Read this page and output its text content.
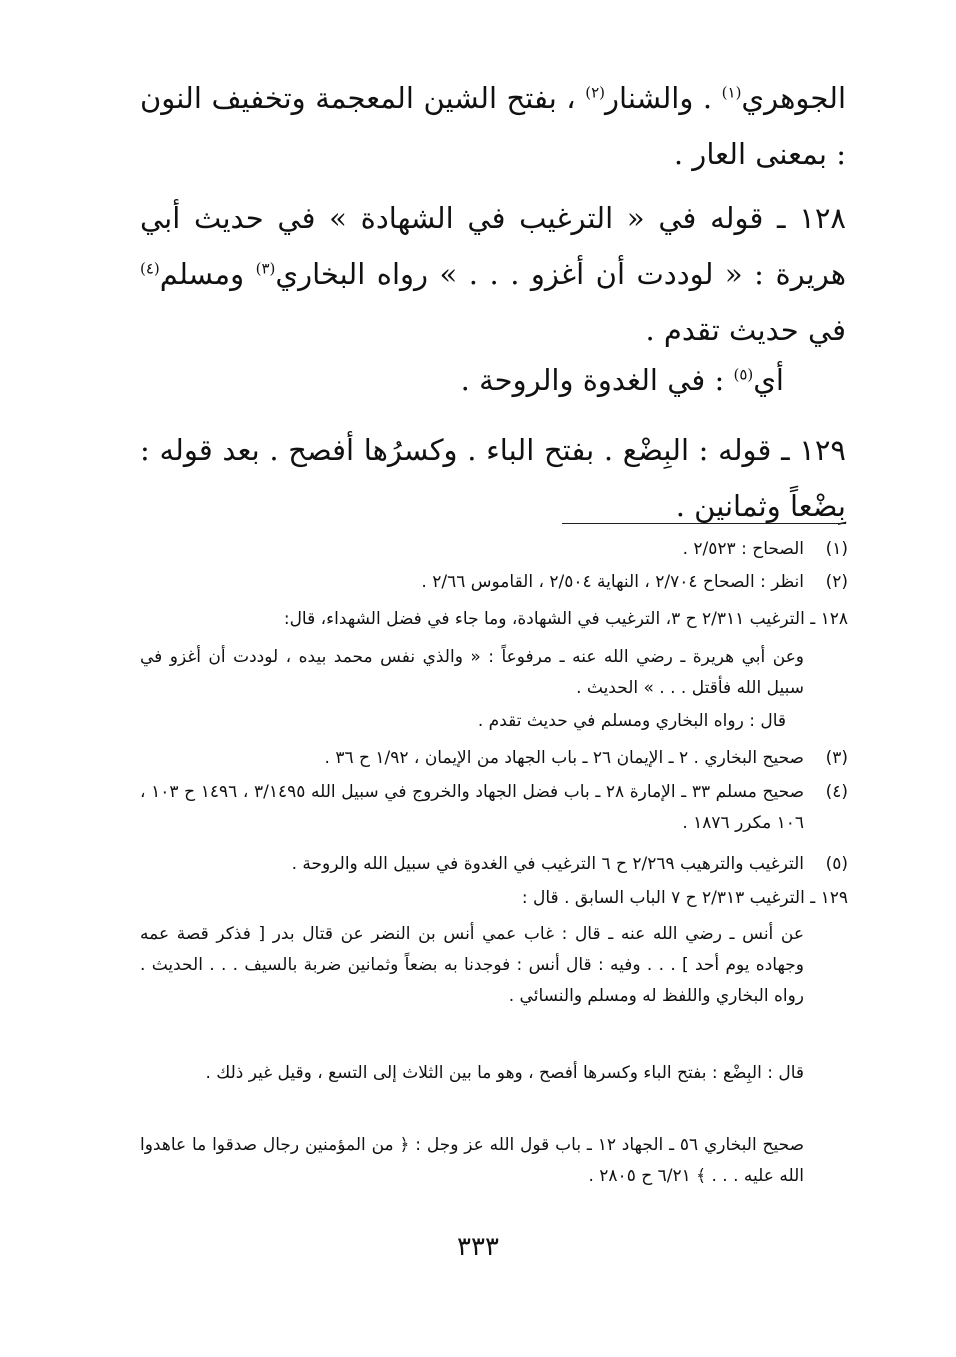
الجوهري$^{(١)}$ . والشنار$^{(٢)}$ ، بفتح الشين المعجمة وتخفيف النون : بمعنى العار .

١٢٨ ـ قوله في « الترغيب في الشهادة » في حديث أبي هريرة : « لوددت أن أغزو . . . » رواه البخاري$^{(٣)}$ ومسلم$^{(٤)}$ في حديث تقدم .

أي$^{(٥)}$ : في الغدوة والروحة .

١٢٩ ـ قوله : البِضْع . بفتح الباء . وكسرُها أفصح . بعد قوله : بِضْعاً وثمانين .

(١)الصحاح : ٢/٥٢٣ .

(٢)انظر : الصحاح ٢/٧٠٤ ، النهاية ٢/٥٠٤ ، القاموس ٢/٦٦ .

١٢٨ ـ الترغيب ٢/٣١١ ح ٣، الترغيب في الشهادة، وما جاء في فضل الشهداء، قال:

وعن أبي هريرة ـ رضي الله عنه ـ مرفوعاً : « والذي نفس محمد بيده ، لوددت أن أغزو في سبيل الله فأقتل . . . » الحديث .

قال : رواه البخاري ومسلم في حديث تقدم .

(٣)صحيح البخاري . ٢ ـ الإيمان ٢٦ ـ باب الجهاد من الإيمان ، ١/٩٢ ح ٣٦ .

(٤)صحيح مسلم ٣٣ ـ الإمارة ٢٨ ـ باب فضل الجهاد والخروج في سبيل الله ٣/١٤٩٥ ، ١٤٩٦ ح ١٠٣ ، ١٠٦ مكرر ١٨٧٦ .

(٥)الترغيب والترهيب ٢/٢٦٩ ح ٦ الترغيب في الغدوة في سبيل الله والروحة .

١٢٩ ـ الترغيب ٢/٣١٣ ح ٧ الباب السابق . قال :

عن أنس ـ رضي الله عنه ـ قال : غاب عمي أنس بن النضر عن قتال بدر [ فذكر قصة عمه وجهاده يوم أحد ] . . . وفيه : قال أنس : فوجدنا به بضعاً وثمانين ضربة بالسيف . . . الحديث . رواه البخاري واللفظ له ومسلم والنسائي .

قال : البِضْع : بفتح الباء وكسرها أفصح ، وهو ما بين الثلاث إلى التسع ، وقيل غير ذلك .

صحيح البخاري ٥٦ ـ الجهاد ١٢ ـ باب قول الله عز وجل : ﴿ من المؤمنين رجال صدقوا ما عاهدوا الله عليه . . . ﴾ ٦/٢١ ح ٢٨٠٥ .

٣٣٣
